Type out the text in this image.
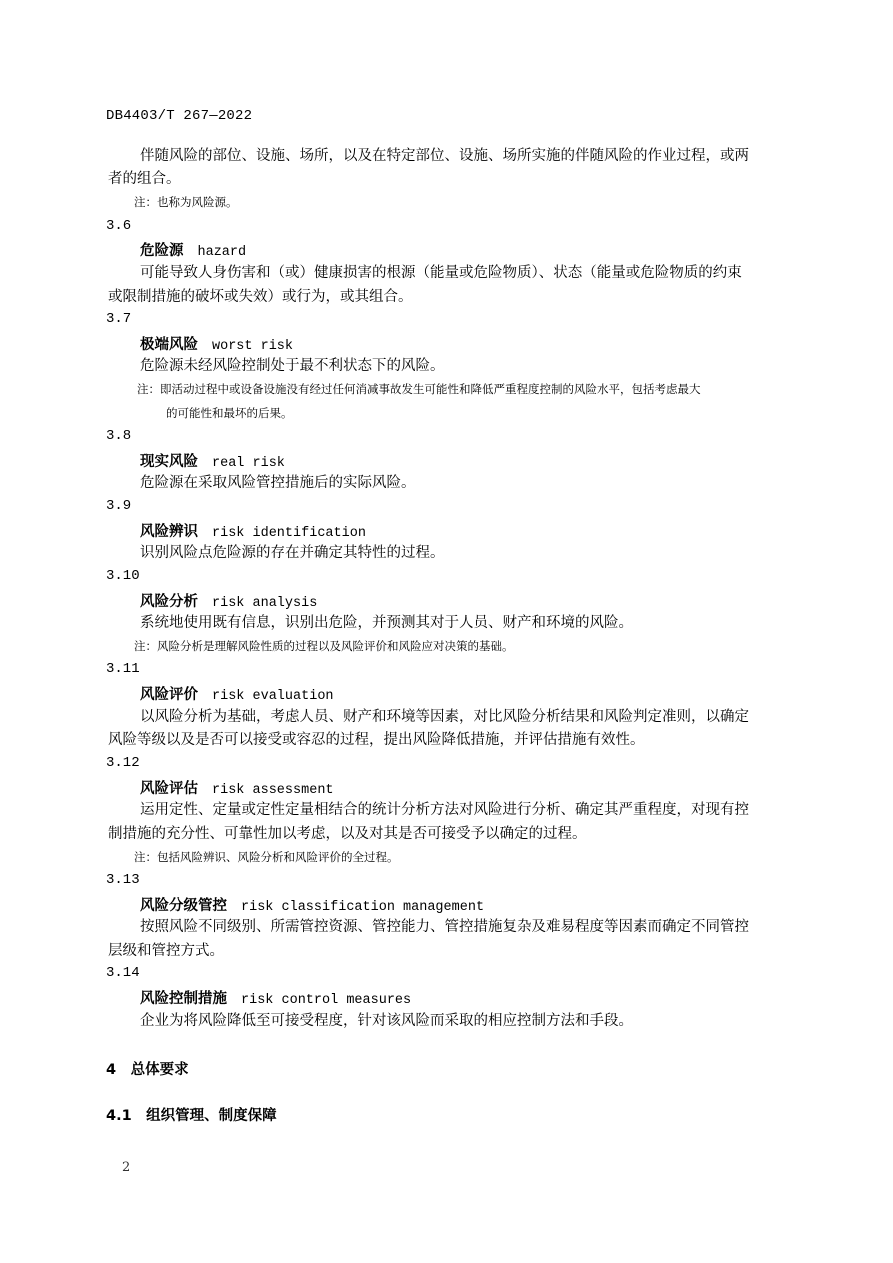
DB4403/T 267—2022
伴随风险的部位、设施、场所，以及在特定部位、设施、场所实施的伴随风险的作业过程，或两
者的组合。
注：也称为风险源。
3.6
危险源 hazard
可能导致人身伤害和（或）健康损害的根源（能量或危险物质）、状态（能量或危险物质的约束
或限制措施的破坏或失效）或行为，或其组合。
3.7
极端风险 worst risk
危险源未经风险控制处于最不利状态下的风险。
注：即活动过程中或设备设施没有经过任何消减事故发生可能性和降低严重程度控制的风险水平，包括考虑最大
的可能性和最坏的后果。
3.8
现实风险 real risk
危险源在采取风险管控措施后的实际风险。
3.9
风险辨识 risk identification
识别风险点危险源的存在并确定其特性的过程。
3.10
风险分析 risk analysis
系统地使用既有信息，识别出危险，并预测其对于人员、财产和环境的风险。
注：风险分析是理解风险性质的过程以及风险评价和风险应对决策的基础。
3.11
风险评价 risk evaluation
以风险分析为基础，考虑人员、财产和环境等因素，对比风险分析结果和风险判定准则，以确定
风险等级以及是否可以接受或容忍的过程，提出风险降低措施，并评估措施有效性。
3.12
风险评估 risk assessment
运用定性、定量或定性定量相结合的统计分析方法对风险进行分析、确定其严重程度，对现有控
制措施的充分性、可靠性加以考虑，以及对其是否可接受予以确定的过程。
注：包括风险辨识、风险分析和风险评价的全过程。
3.13
风险分级管控 risk classification management
按照风险不同级别、所需管控资源、管控能力、管控措施复杂及难易程度等因素而确定不同管控
层级和管控方式。
3.14
风险控制措施 risk control measures
企业为将风险降低至可接受程度，针对该风险而采取的相应控制方法和手段。
4　总体要求
4.1　组织管理、制度保障
2
